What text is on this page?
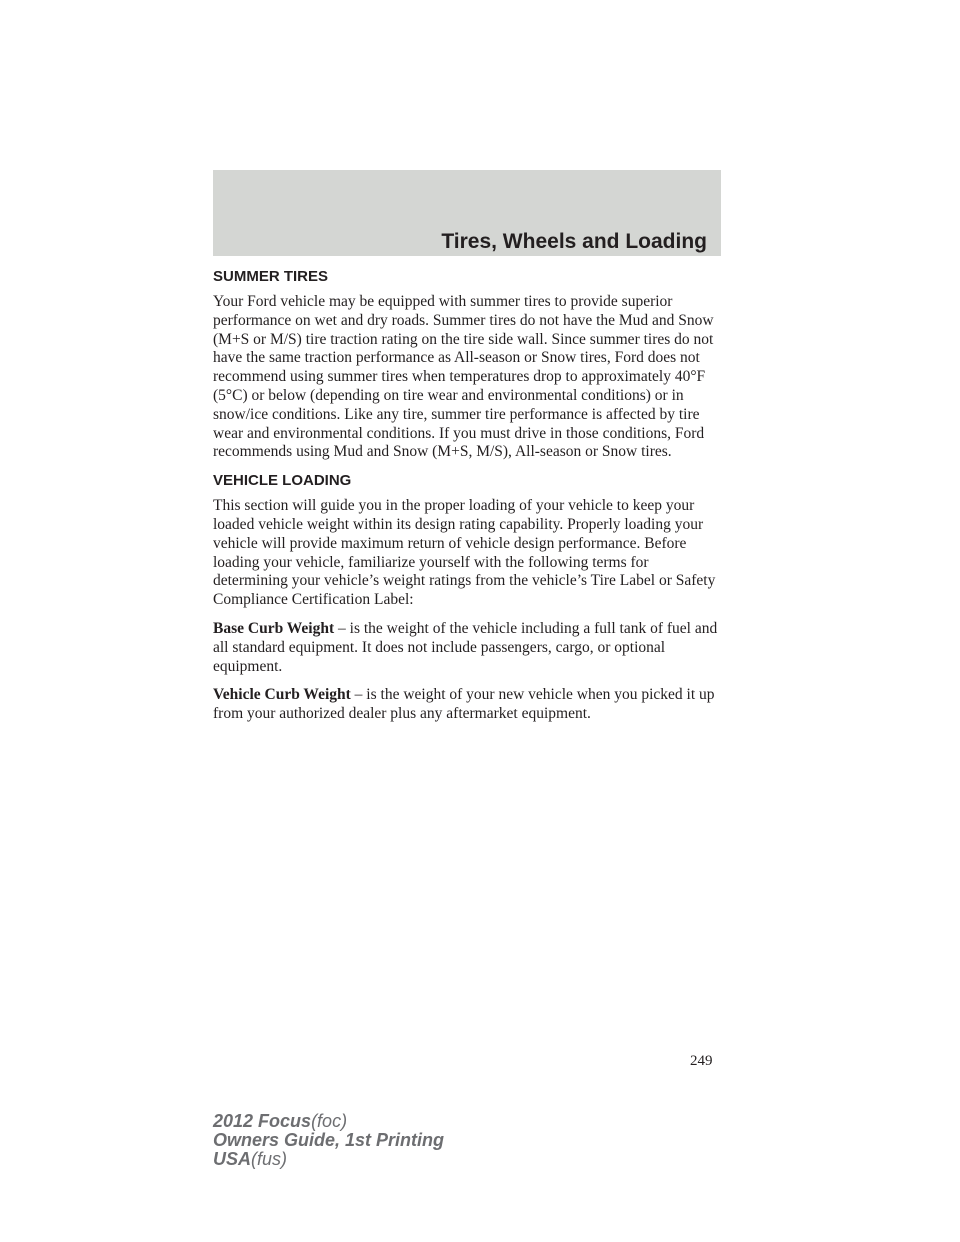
Tires, Wheels and Loading
SUMMER TIRES

Your Ford vehicle may be equipped with summer tires to provide superior performance on wet and dry roads. Summer tires do not have the Mud and Snow (M+S or M/S) tire traction rating on the tire side wall. Since summer tires do not have the same traction performance as All-season or Snow tires, Ford does not recommend using summer tires when temperatures drop to approximately 40°F (5°C) or below (depending on tire wear and environmental conditions) or in snow/ice conditions. Like any tire, summer tire performance is affected by tire wear and environmental conditions. If you must drive in those conditions, Ford recommends using Mud and Snow (M+S, M/S), All-season or Snow tires.

VEHICLE LOADING

This section will guide you in the proper loading of your vehicle to keep your loaded vehicle weight within its design rating capability. Properly loading your vehicle will provide maximum return of vehicle design performance. Before loading your vehicle, familiarize yourself with the following terms for determining your vehicle’s weight ratings from the vehicle’s Tire Label or Safety Compliance Certification Label:

Base Curb Weight – is the weight of the vehicle including a full tank of fuel and all standard equipment. It does not include passengers, cargo, or optional equipment.

Vehicle Curb Weight – is the weight of your new vehicle when you picked it up from your authorized dealer plus any aftermarket equipment.

249
2012 Focus(foc)
Owners Guide, 1st Printing
USA(fus)
